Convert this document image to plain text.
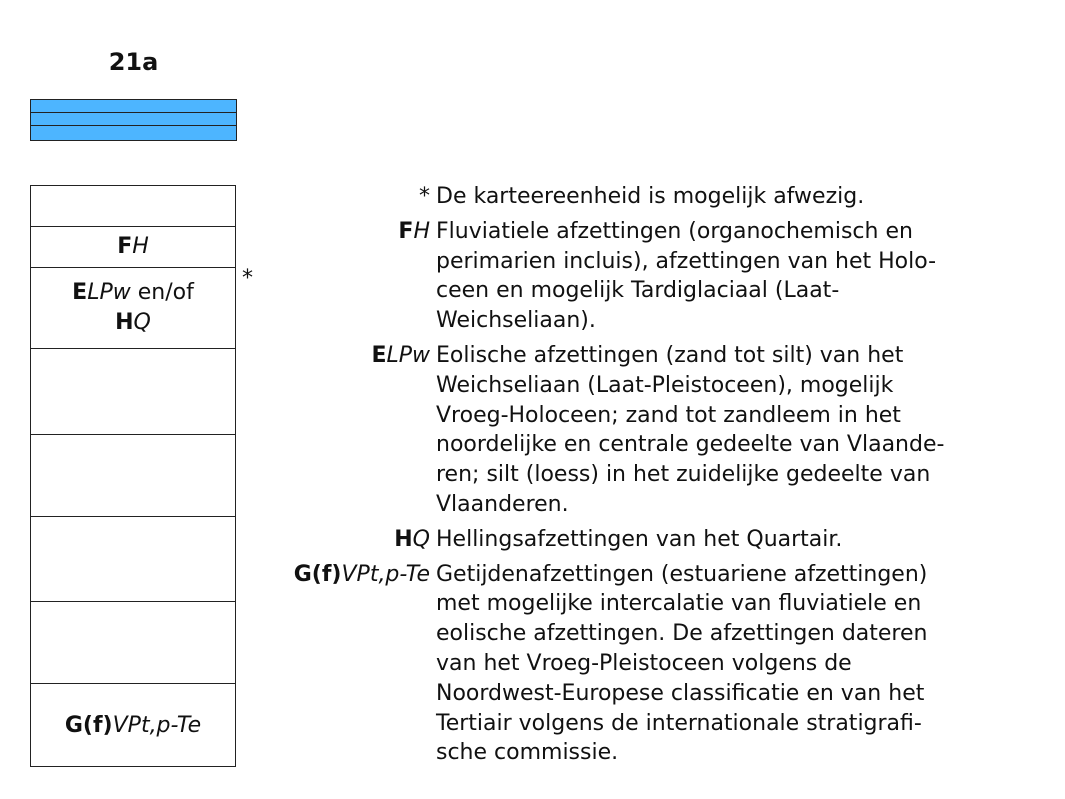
21a
FH
ELPw en/of
HQ
G(f)VPt,p-Te
*
* De karteereenheid is mogelijk afwezig.
FH Fluviatiele afzettingen (organochemisch en
perimarien incluis), afzettingen van het Holo-
ceen en mogelijk Tardiglaciaal (Laat-
Weichseliaan).
ELPw Eolische afzettingen (zand tot silt) van het
Weichseliaan (Laat-Pleistoceen), mogelijk
Vroeg-Holoceen; zand tot zandleem in het
noordelijke en centrale gedeelte van Vlaande-
ren; silt (loess) in het zuidelijke gedeelte van
Vlaanderen.
HQ Hellingsafzettingen van het Quartair.
G(f)VPt,p-Te Getijdenafzettingen (estuariene afzettingen)
met mogelijke intercalatie van fluviatiele en
eolische afzettingen. De afzettingen dateren
van het Vroeg-Pleistoceen volgens de
Noordwest-Europese classificatie en van het
Tertiair volgens de internationale stratigrafi-
sche commissie.
